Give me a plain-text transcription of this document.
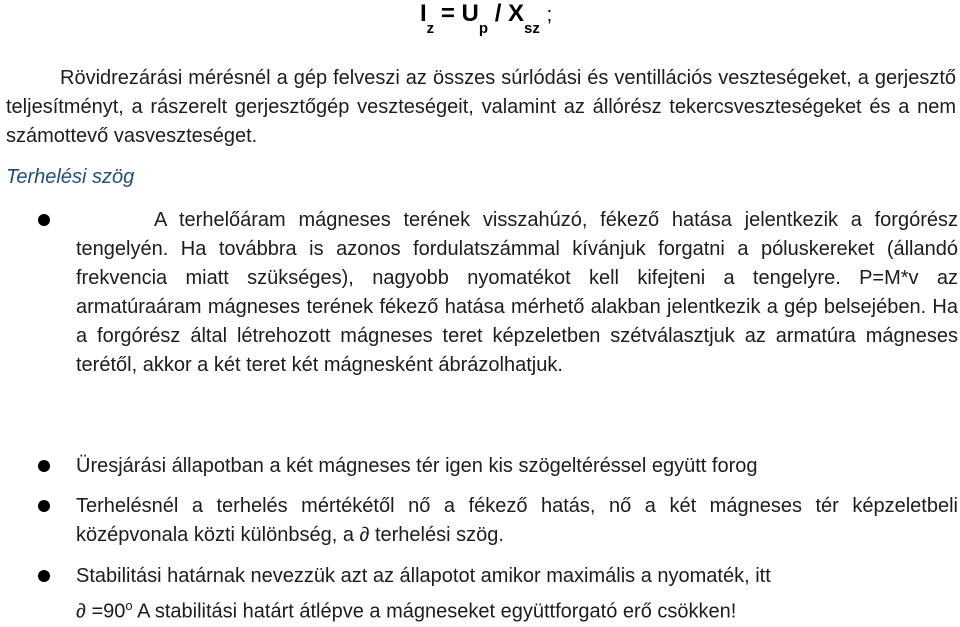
$I_z = U_p / X_{sz}$ ;
Rövidrezárási mérésnél a gép felveszi az összes súrlódási és ventillációs veszteségeket, a gerjesztő teljesítményt, a rászerelt gerjesztőgép veszteségeit, valamint az állórész tekercsveszteségeket és a nem számottevő vasveszteséget.
Terhelési szög
A terhelőáram mágneses terének visszahúzó, fékező hatása jelentkezik a forgórész tengelyén. Ha továbbra is azonos fordulatszámmal kívánjuk forgatni a póluskereket (állandó frekvencia miatt szükséges), nagyobb nyomatékot kell kifejteni a tengelyre. P=M*v az armatúraáram mágneses terének fékező hatása mérhető alakban jelentkezik a gép belsejében. Ha a forgórész által létrehozott mágneses teret képzeletben szétválasztjuk az armatúra mágneses terétől, akkor a két teret két mágnesként ábrázolhatjuk.
Üresjárási állapotban a két mágneses tér igen kis szögeltéréssel együtt forog
Terhelésnél a terhelés mértékétől nő a fékező hatás, nő a két mágneses tér képzeletbeli középvonala közti különbség, a ∂ terhelési szög.
Stabilitási határnak nevezzük azt az állapotot amikor maximális a nyomaték, itt
∂ $=90^o$ A stabilitási határt átlépve a mágneseket együttforgató erő csökken!
